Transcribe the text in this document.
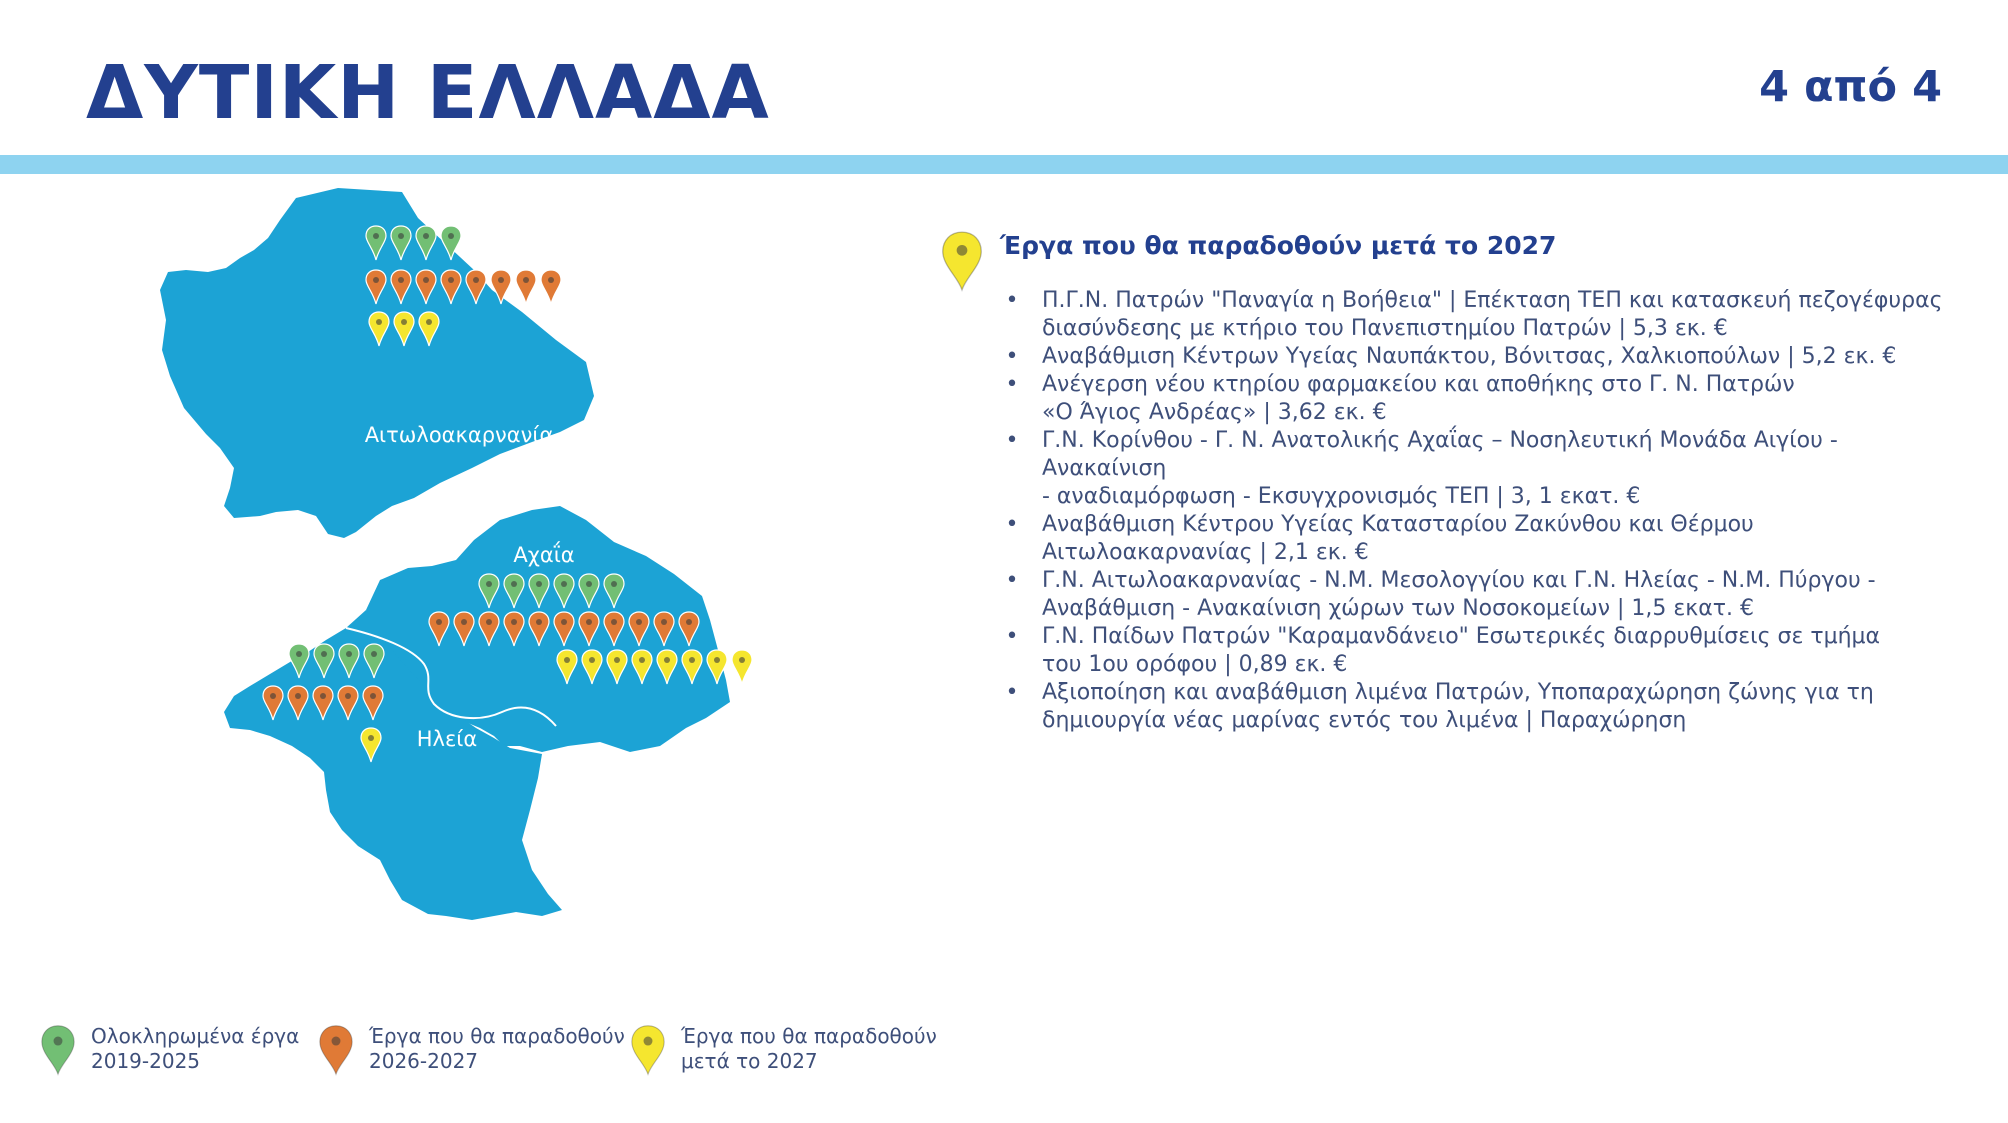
ΔΥΤΙΚΗ ΕΛΛΑΔΑ	4 από 4
Αιτωλοακαρνανία
Αχαΐα
Ηλεία
Έργα που θα παραδοθούν μετά το 2027
• Π.Γ.Ν. Πατρών "Παναγία η Βοήθεια" | Επέκταση ΤΕΠ και κατασκευή πεζογέφυρας
διασύνδεσης με κτήριο του Πανεπιστημίου Πατρών | 5,3 εκ. €
• Αναβάθμιση Κέντρων Υγείας Ναυπάκτου, Βόνιτσας, Χαλκιοπούλων | 5,2 εκ. €
• Ανέγερση νέου κτηρίου φαρμακείου και αποθήκης στο Γ. Ν. Πατρών
«Ο Άγιος Ανδρέας» | 3,62 εκ. €
• Γ.Ν. Κορίνθου - Γ. Ν. Ανατολικής Αχαΐας – Νοσηλευτική Μονάδα Αιγίου - Ανακαίνιση
- αναδιαμόρφωση - Εκσυγχρονισμός ΤΕΠ | 3, 1 εκατ. €
• Αναβάθμιση Κέντρου Υγείας Κατασταρίου Ζακύνθου και Θέρμου
Αιτωλοακαρνανίας | 2,1 εκ. €
• Γ.Ν. Αιτωλοακαρνανίας - Ν.Μ. Μεσολογγίου και Γ.Ν. Ηλείας - Ν.Μ. Πύργου -
Αναβάθμιση - Ανακαίνιση χώρων των Νοσοκομείων | 1,5 εκατ. €
• Γ.Ν. Παίδων Πατρών "Καραμανδάνειο" Εσωτερικές διαρρυθμίσεις σε τμήμα
του 1ου ορόφου | 0,89 εκ. €
• Αξιοποίηση και αναβάθμιση λιμένα Πατρών, Υποπαραχώρηση ζώνης για τη
δημιουργία νέας μαρίνας εντός του λιμένα | Παραχώρηση
Ολοκληρωμένα έργα
2019-2025
Έργα που θα παραδοθούν
2026-2027
Έργα που θα παραδοθούν
μετά το 2027
